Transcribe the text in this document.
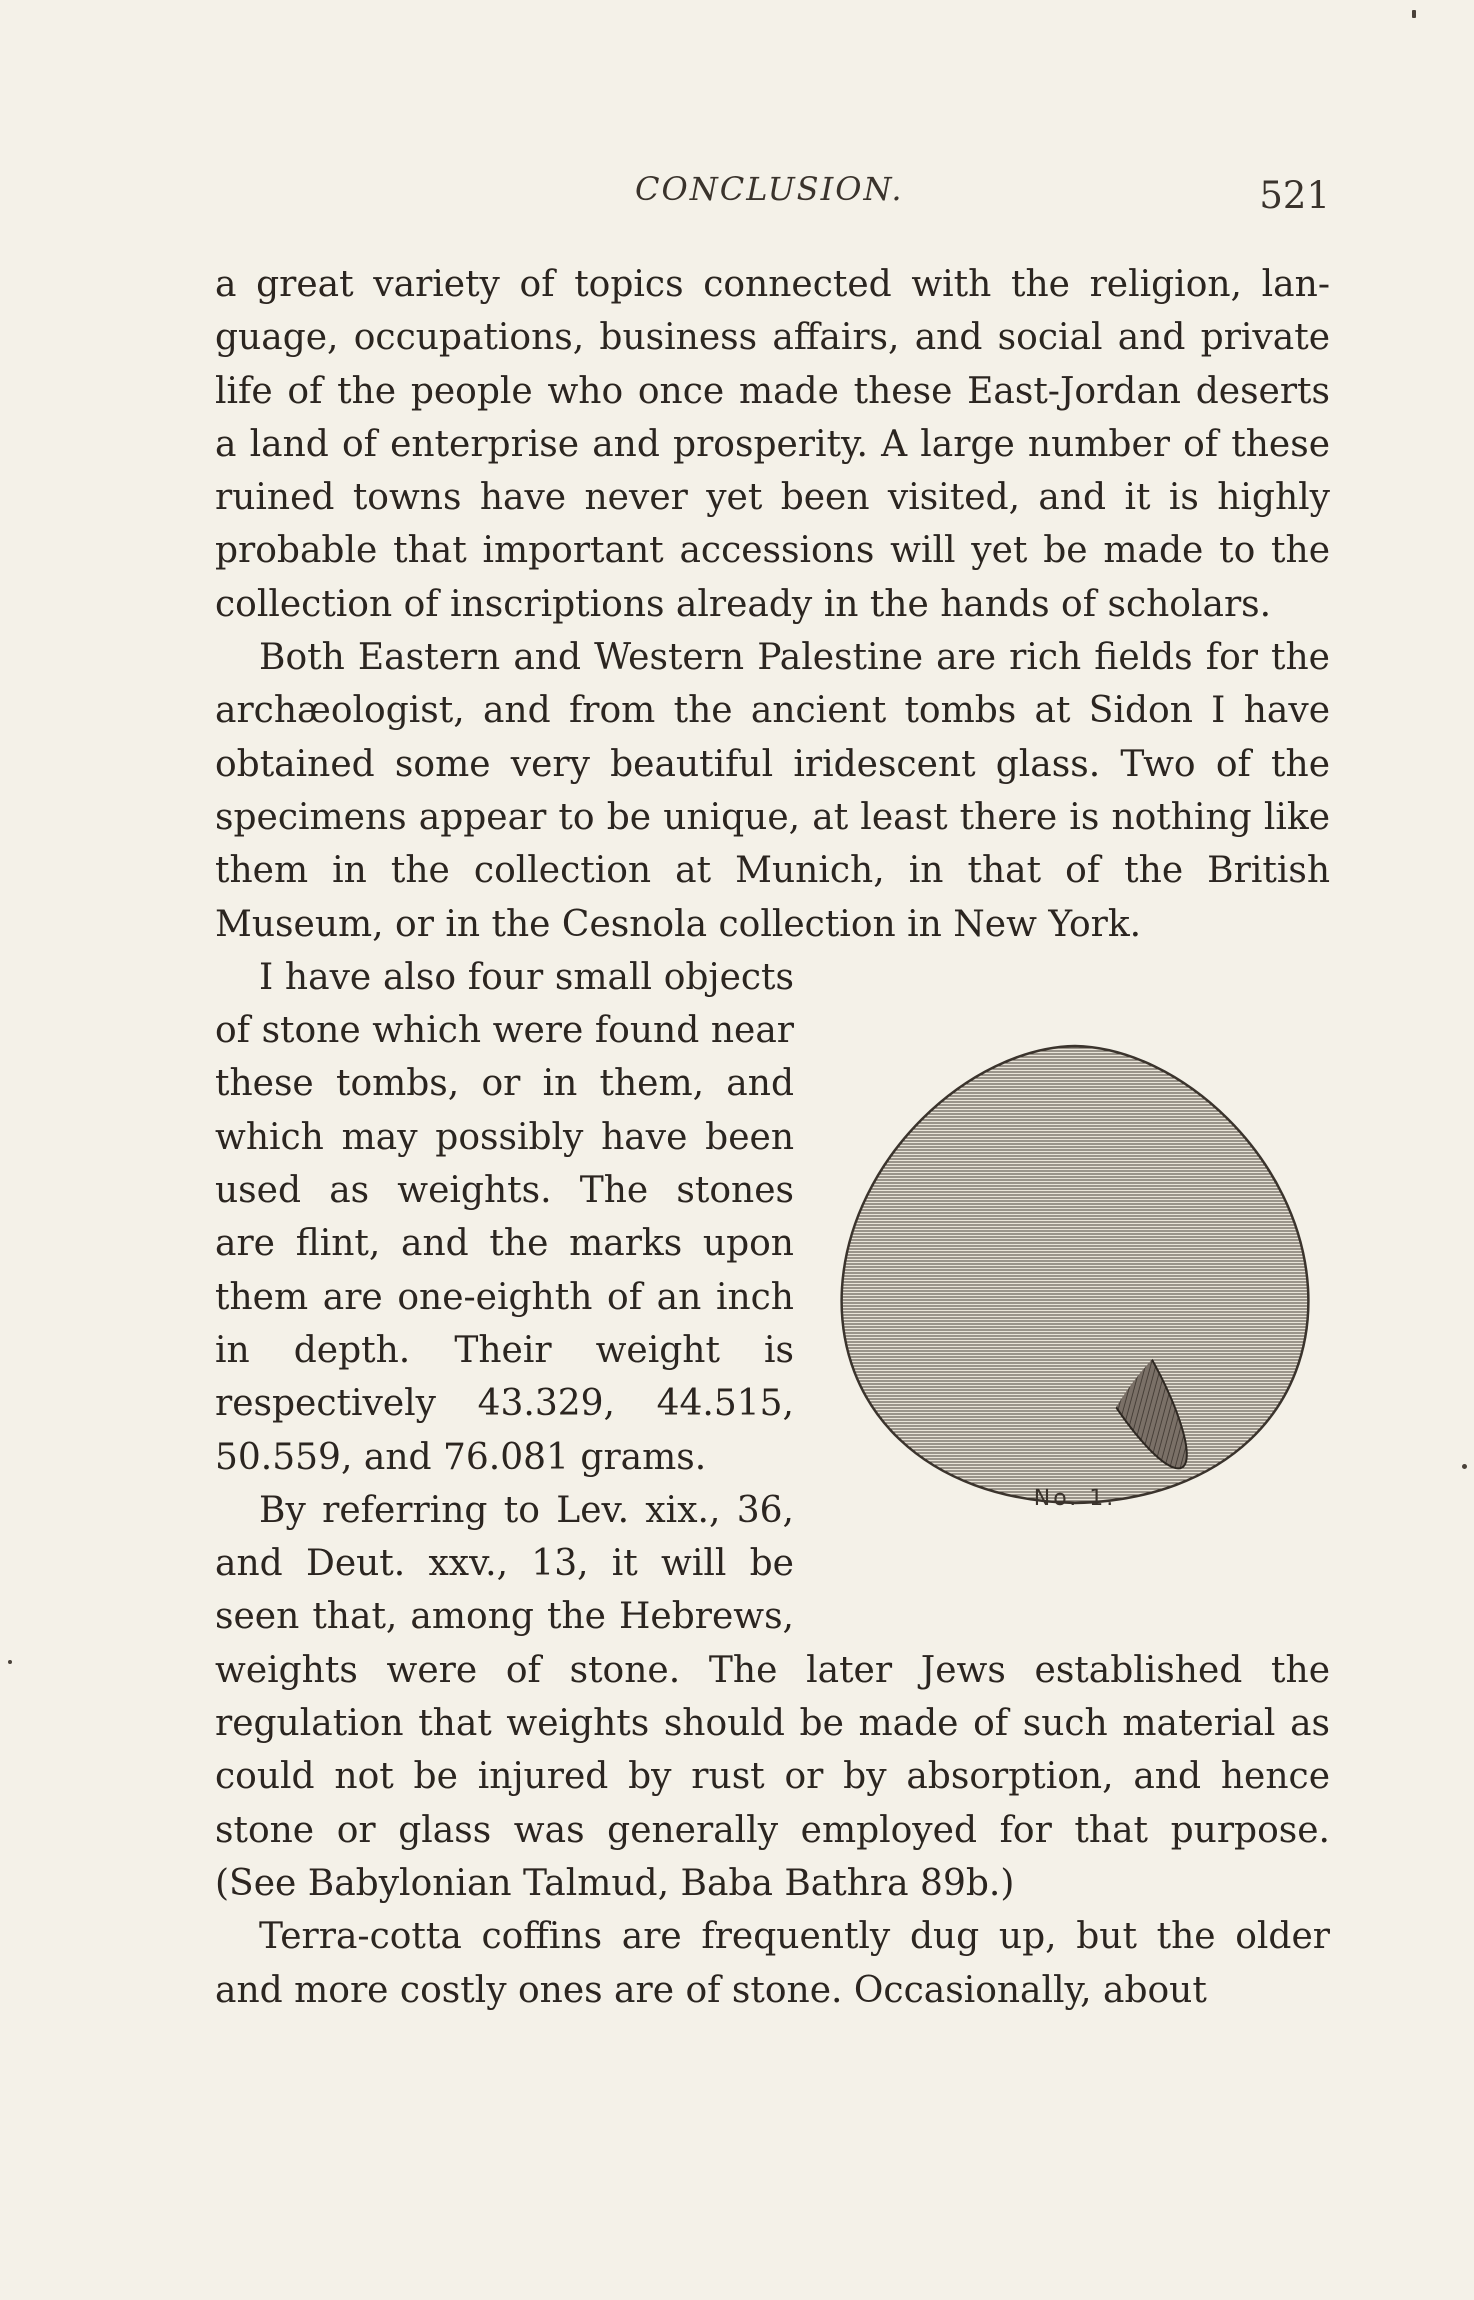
CONCLUSION.	521

a great variety of topics connected with the religion, language, occupations, business affairs, and social and private life of the people who once made these East-Jordan deserts a land of enterprise and prosperity. A large number of these ruined towns have never yet been visited, and it is highly probable that important accessions will yet be made to the collection of inscriptions already in the hands of scholars.

Both Eastern and Western Palestine are rich fields for the archæologist, and from the ancient tombs at Sidon I have obtained some very beautiful iridescent glass. Two of the specimens appear to be unique, at least there is nothing like them in the collection at Munich, in that of the British Museum, or in the Cesnola collection in New York.

No. 1.

I have also four small objects of stone which were found near these tombs, or in them, and which may possibly have been used as weights. The stones are flint, and the marks upon them are one-eighth of an inch in depth. Their weight is respectively 43.329, 44.515, 50.559, and 76.081 grams.

By referring to Lev. xix., 36, and Deut. xxv., 13, it will be seen that, among the Hebrews, weights were of stone. The later Jews established the regulation that weights should be made of such material as could not be injured by rust or by absorption, and hence stone or glass was generally employed for that purpose. (See Babylonian Talmud, Baba Bathra 89b.)

Terra-cotta coffins are frequently dug up, but the older and more costly ones are of stone. Occasionally, about
